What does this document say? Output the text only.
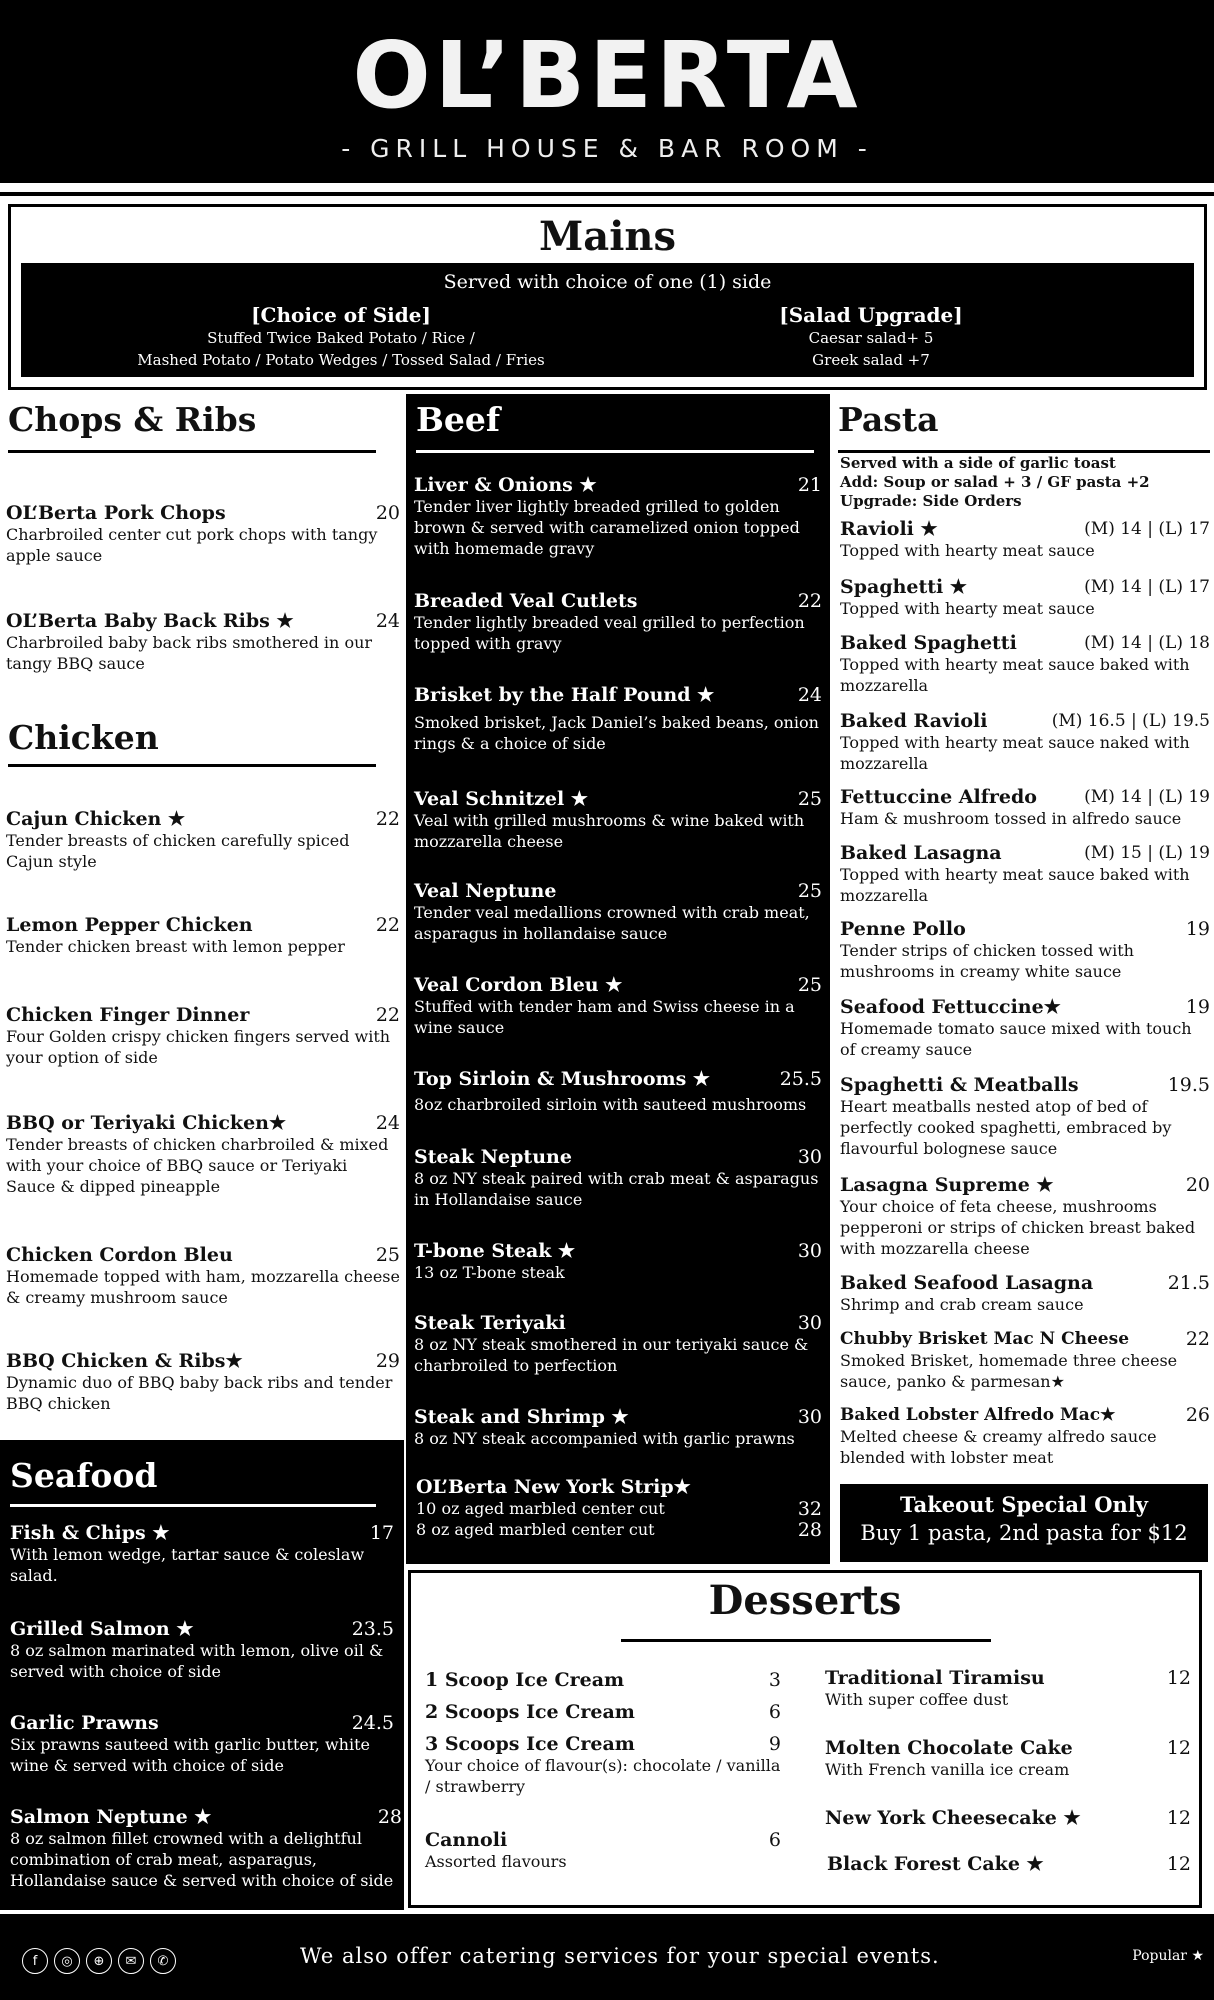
OL’BERTA
- GRILL HOUSE & BAR ROOM -
Mains
Served with choice of one (1) side
[Choice of Side]

Stuffed Twice Baked Potato / Rice /

Mashed Potato / Potato Wedges / Tossed Salad / Fries

[Salad Upgrade]

Caesar salad+ 5

Greek salad +7

Chops & Ribs
OL‘Berta Pork Chops	20
Charbroiled center cut pork chops with tangy apple sauce
OL’Berta Baby Back Ribs ★	24
Charbroiled baby back ribs smothered in our tangy BBQ sauce
Chicken
Cajun Chicken ★	22
Tender breasts of chicken carefully spiced Cajun style
Lemon Pepper Chicken	22
Tender chicken breast with lemon pepper
Chicken Finger Dinner	22
Four Golden crispy chicken fingers served with your option of side
BBQ or Teriyaki Chicken★	24
Tender breasts of chicken charbroiled & mixed with your choice of BBQ sauce or Teriyaki Sauce & dipped pineapple
Chicken Cordon Bleu	25
Homemade topped with ham, mozzarella cheese & creamy mushroom sauce
BBQ Chicken & Ribs★	29
Dynamic duo of BBQ baby back ribs and tender BBQ chicken
Seafood
Fish & Chips ★	17
With lemon wedge, tartar sauce & coleslaw salad.
Grilled Salmon ★	23.5
8 oz salmon marinated with lemon, olive oil & served with choice of side
Garlic Prawns	24.5
Six prawns sauteed with garlic butter, white wine & served with choice of side
Salmon Neptune ★	28
8 oz salmon fillet crowned with a delightful combination of crab meat, asparagus, Hollandaise sauce & served with choice of side
Beef
Liver & Onions ★	21
Tender liver lightly breaded grilled to golden brown & served with caramelized onion topped with homemade gravy
Breaded Veal Cutlets	22
Tender lightly breaded veal grilled to perfection topped with gravy
Brisket by the Half Pound ★	24
Smoked brisket, Jack Daniel’s baked beans, onion rings & a choice of side
Veal Schnitzel ★	25
Veal with grilled mushrooms & wine baked with mozzarella cheese
Veal Neptune	25
Tender veal medallions crowned with crab meat, asparagus in hollandaise sauce
Veal Cordon Bleu ★	25
Stuffed with tender ham and Swiss cheese in a wine sauce
Top Sirloin & Mushrooms ★	25.5
8oz charbroiled sirloin with sauteed mushrooms
Steak Neptune	30
8 oz NY steak paired with crab meat & asparagus in Hollandaise sauce
T-bone Steak ★	30
13 oz T-bone steak
Steak Teriyaki	30
8 oz NY steak smothered in our teriyaki sauce & charbroiled to perfection
Steak and Shrimp ★	30
8 oz NY steak accompanied with garlic prawns
OL’Berta New York Strip★
10 oz aged marbled center cut	32
8 oz aged marbled center cut	28
Pasta
Served with a side of garlic toast
Add: Soup or salad + 3 / GF pasta +2
Upgrade: Side Orders
Ravioli ★	(M) 14 | (L) 17
Topped with hearty meat sauce
Spaghetti ★	(M) 14 | (L) 17
Topped with hearty meat sauce
Baked Spaghetti	(M) 14 | (L) 18
Topped with hearty meat sauce baked with mozzarella
Baked Ravioli	(M) 16.5 | (L) 19.5
Topped with hearty meat sauce naked with mozzarella
Fettuccine Alfredo	(M) 14 | (L) 19
Ham & mushroom tossed in alfredo sauce
Baked Lasagna	(M) 15 | (L) 19
Topped with hearty meat sauce baked with mozzarella
Penne Pollo	19
Tender strips of chicken tossed with mushrooms in creamy white sauce
Seafood Fettuccine★	19
Homemade tomato sauce mixed with touch of creamy sauce
Spaghetti & Meatballs	19.5
Heart meatballs nested atop of bed of perfectly cooked spaghetti, embraced by flavourful bolognese sauce
Lasagna Supreme ★	20
Your choice of feta cheese, mushrooms pepperoni or strips of chicken breast baked with mozzarella cheese
Baked Seafood Lasagna	21.5
Shrimp and crab cream sauce
Chubby Brisket Mac N Cheese	22
Smoked Brisket, homemade three cheese sauce, panko & parmesan★
Baked Lobster Alfredo Mac★	26
Melted cheese & creamy alfredo sauce blended with lobster meat
Takeout Special Only

Buy 1 pasta, 2nd pasta for $12

Desserts
1 Scoop Ice Cream	3
2 Scoops Ice Cream	6
3 Scoops Ice Cream	9
Your choice of flavour(s): chocolate / vanilla / strawberry
Cannoli	6
Assorted flavours
Traditional Tiramisu	12
With super coffee dust
Molten Chocolate Cake	12
With French vanilla ice cream
New York Cheesecake ★	12
Black Forest Cake ★	12
f	◎	⊕	✉	✆	We also offer catering services for your special events.	Popular ★
